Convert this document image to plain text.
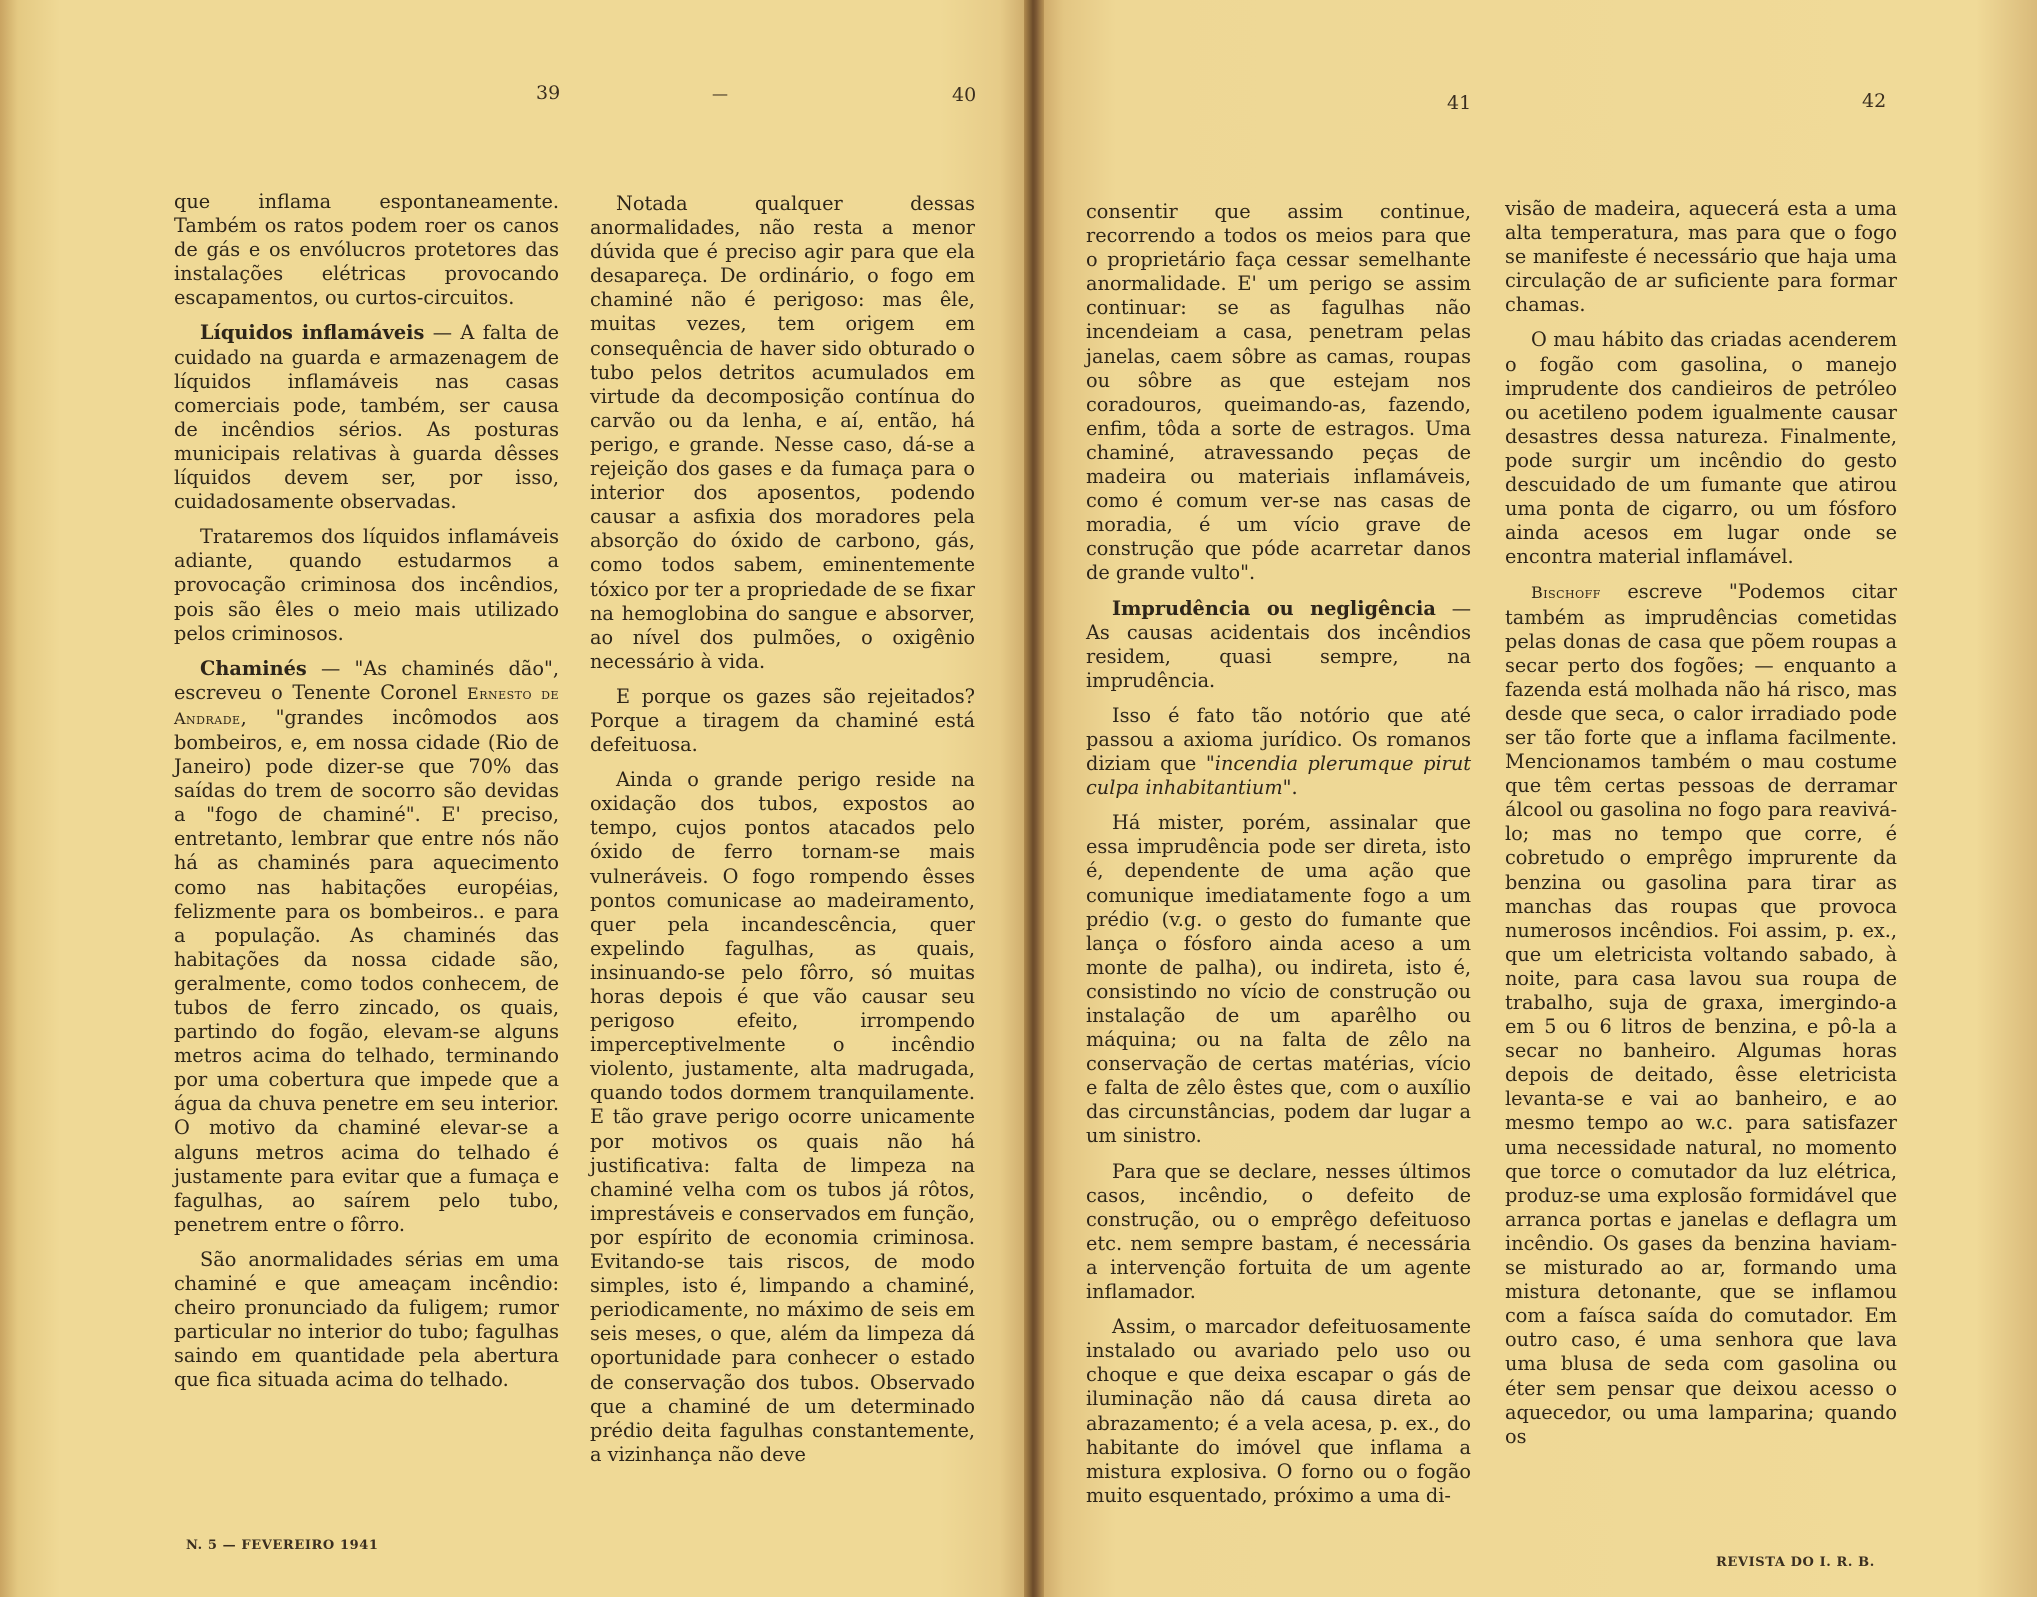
39	—	40	41	42

que inflama espontaneamente. Também os ratos podem roer os canos de gás e os envólucros protetores das instalações elétricas provocando escapamentos, ou curtos-circuitos.

Líquidos inflamáveis — A falta de cuidado na guarda e armazenagem de líquidos inflamáveis nas casas comerciais pode, também, ser causa de incêndios sérios. As posturas municipais relativas à guarda dêsses líquidos devem ser, por isso, cuidadosamente observadas.

Trataremos dos líquidos inflamáveis adiante, quando estudarmos a provocação criminosa dos incêndios, pois são êles o meio mais utilizado pelos criminosos.

Chaminés — "As chaminés dão", escreveu o Tenente Coronel Ernesto de Andrade, "grandes incômodos aos bombeiros, e, em nossa cidade (Rio de Janeiro) pode dizer-se que 70% das saídas do trem de socorro são devidas a "fogo de chaminé". E' preciso, entretanto, lembrar que entre nós não há as chaminés para aquecimento como nas habitações européias, felizmente para os bombeiros.. e para a população. As chaminés das habitações da nossa cidade são, geralmente, como todos conhecem, de tubos de ferro zincado, os quais, partindo do fogão, elevam-se alguns metros acima do telhado, terminando por uma cobertura que impede que a água da chuva penetre em seu interior. O motivo da chaminé elevar-se a alguns metros acima do telhado é justamente para evitar que a fumaça e fagulhas, ao saírem pelo tubo, penetrem entre o fôrro.

São anormalidades sérias em uma chaminé e que ameaçam incêndio: cheiro pronunciado da fuligem; rumor particular no interior do tubo; fagulhas saindo em quantidade pela abertura que fica situada acima do telhado.

Notada qualquer dessas anormalidades, não resta a menor dúvida que é preciso agir para que ela desapareça. De ordinário, o fogo em chaminé não é perigoso: mas êle, muitas vezes, tem origem em consequência de haver sido obturado o tubo pelos detritos acumulados em virtude da decomposição contínua do carvão ou da lenha, e aí, então, há perigo, e grande. Nesse caso, dá-se a rejeição dos gases e da fumaça para o interior dos aposentos, podendo causar a asfixia dos moradores pela absorção do óxido de carbono, gás, como todos sabem, eminentemente tóxico por ter a propriedade de se fixar na hemoglobina do sangue e absorver, ao nível dos pulmões, o oxigênio necessário à vida.

E porque os gazes são rejeitados? Porque a tiragem da chaminé está defeituosa.

Ainda o grande perigo reside na oxidação dos tubos, expostos ao tempo, cujos pontos atacados pelo óxido de ferro tornam-se mais vulneráveis. O fogo rompendo êsses pontos comunicase ao madeiramento, quer pela incandescência, quer expelindo fagulhas, as quais, insinuando-se pelo fôrro, só muitas horas depois é que vão causar seu perigoso efeito, irrompendo imperceptivelmente o incêndio violento, justamente, alta madrugada, quando todos dormem tranquilamente. E tão grave perigo ocorre unicamente por motivos os quais não há justificativa: falta de limpeza na chaminé velha com os tubos já rôtos, imprestáveis e conservados em função, por espírito de economia criminosa. Evitando-se tais riscos, de modo simples, isto é, limpando a chaminé, periodicamente, no máximo de seis em seis meses, o que, além da limpeza dá oportunidade para conhecer o estado de conservação dos tubos. Observado que a chaminé de um determinado prédio deita fagulhas constantemente, a vizinhança não deve

consentir que assim continue, recorrendo a todos os meios para que o proprietário faça cessar semelhante anormalidade. E' um perigo se assim continuar: se as fagulhas não incendeiam a casa, penetram pelas janelas, caem sôbre as camas, roupas ou sôbre as que estejam nos coradouros, queimando-as, fazendo, enfim, tôda a sorte de estragos. Uma chaminé, atravessando peças de madeira ou materiais inflamáveis, como é comum ver-se nas casas de moradia, é um vício grave de construção que póde acarretar danos de grande vulto".

Imprudência ou negligência — As causas acidentais dos incêndios residem, quasi sempre, na imprudência.

Isso é fato tão notório que até passou a axioma jurídico. Os romanos diziam que "incendia plerumque pirut culpa inhabitantium".

Há mister, porém, assinalar que essa imprudência pode ser direta, isto é, dependente de uma ação que comunique imediatamente fogo a um prédio (v.g. o gesto do fumante que lança o fósforo ainda aceso a um monte de palha), ou indireta, isto é, consistindo no vício de construção ou instalação de um aparêlho ou máquina; ou na falta de zêlo na conservação de certas matérias, vício e falta de zêlo êstes que, com o auxílio das circunstâncias, podem dar lugar a um sinistro.

Para que se declare, nesses últimos casos, incêndio, o defeito de construção, ou o emprêgo defeituoso etc. nem sempre bastam, é necessária a intervenção fortuita de um agente inflamador.

Assim, o marcador defeituosamente instalado ou avariado pelo uso ou choque e que deixa escapar o gás de iluminação não dá causa direta ao abrazamento; é a vela acesa, p. ex., do habitante do imóvel que inflama a mistura explosiva. O forno ou o fogão muito esquentado, próximo a uma di-

visão de madeira, aquecerá esta a uma alta temperatura, mas para que o fogo se manifeste é necessário que haja uma circulação de ar suficiente para formar chamas.

O mau hábito das criadas acenderem o fogão com gasolina, o manejo imprudente dos candieiros de petróleo ou acetileno podem igualmente causar desastres dessa natureza. Finalmente, pode surgir um incêndio do gesto descuidado de um fumante que atirou uma ponta de cigarro, ou um fósforo ainda acesos em lugar onde se encontra material inflamável.

Bischoff escreve "Podemos citar também as imprudências cometidas pelas donas de casa que põem roupas a secar perto dos fogões; — enquanto a fazenda está molhada não há risco, mas desde que seca, o calor irradiado pode ser tão forte que a inflama facilmente. Mencionamos também o mau costume que têm certas pessoas de derramar álcool ou gasolina no fogo para reavivá-lo; mas no tempo que corre, é cobretudo o emprêgo imprurente da benzina ou gasolina para tirar as manchas das roupas que provoca numerosos incêndios. Foi assim, p. ex., que um eletricista voltando sabado, à noite, para casa lavou sua roupa de trabalho, suja de graxa, imergindo-a em 5 ou 6 litros de benzina, e pô-la a secar no banheiro. Algumas horas depois de deitado, êsse eletricista levanta-se e vai ao banheiro, e ao mesmo tempo ao w.c. para satisfazer uma necessidade natural, no momento que torce o comutador da luz elétrica, produz-se uma explosão formidável que arranca portas e janelas e deflagra um incêndio. Os gases da benzina haviam-se misturado ao ar, formando uma mistura detonante, que se inflamou com a faísca saída do comutador. Em outro caso, é uma senhora que lava uma blusa de seda com gasolina ou éter sem pensar que deixou acesso o aquecedor, ou uma lamparina; quando os

N. 5 — FEVEREIRO 1941
REVISTA DO I. R. B.
